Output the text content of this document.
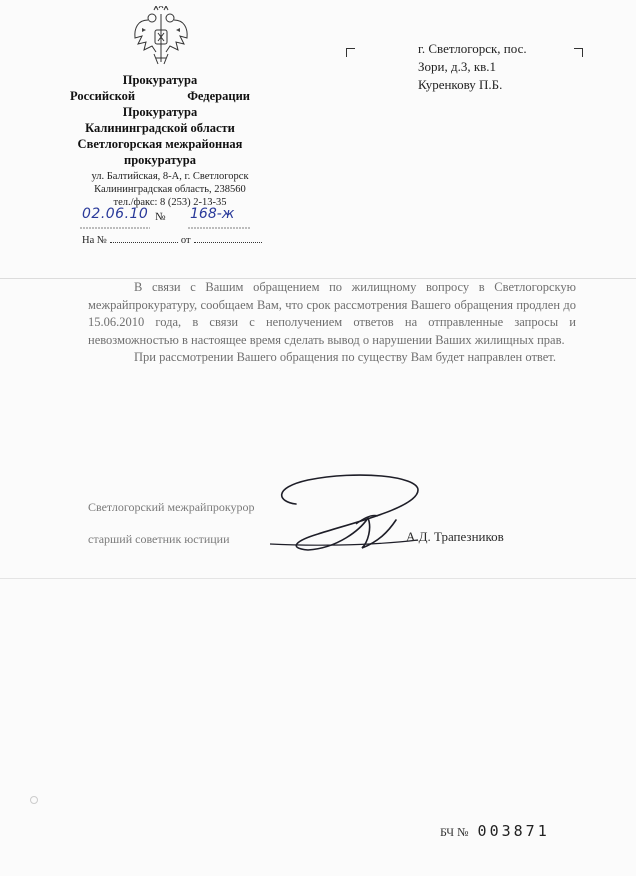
Прокуратура
Российской Федерации
Прокуратура
Калининградской области
Светлогорская межрайонная
прокуратура
ул. Балтийская, 8-А, г. Светлогорск
Калининградская область, 238560
тел./факс: 8 (253) 2-13-35
02.06.10 № 168-ж
На №	от
г. Светлогорск, пос.
Зори, д.3, кв.1
Куренкову П.Б.

В связи с Вашим обращением по жилищному вопросу в Светлогорскую межрайпрокуратуру, сообщаем Вам, что срок рассмотрения Вашего обращения продлен до 15.06.2010 года, в связи с неполучением ответов на отправленные запросы и невозможностью в настоящее время сделать вывод о нарушении Ваших жилищных прав.

При рассмотрении Вашего обращения по существу Вам будет направлен ответ.

Светлогорский межрайпрокурор
старший советник юстиции	А.Д. Трапезников
БЧ № 003871
